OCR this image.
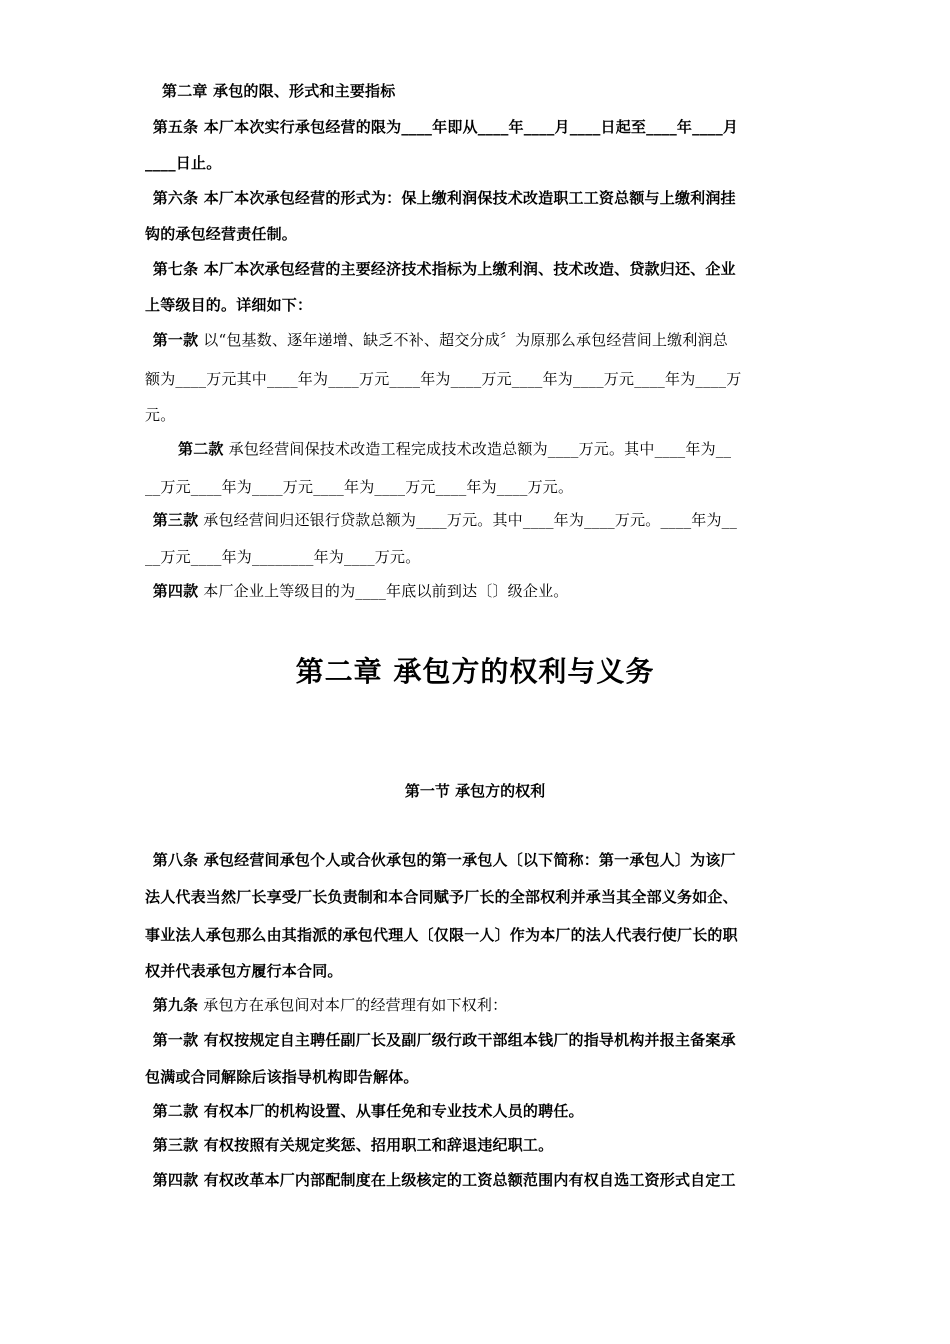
第二章 承包的限、形式和主要指标
 第五条 本厂本次实行承包经营的限为____年即从____年____月____日起至____年____月
____日止。
 第六条 本厂本次承包经营的形式为：保上缴利润保技术改造职工工资总额与上缴利润挂
钩的承包经营责任制。
 第七条 本厂本次承包经营的主要经济技术指标为上缴利润、技术改造、贷款归还、企业
上等级目的。详细如下：
 第一款 以“包基数、逐年递增、缺乏不补、超交分成〞为原那么承包经营间上缴利润总
额为____万元其中____年为____万元____年为____万元____年为____万元____年为____万
元。
第二款 承包经营间保技术改造工程完成技术改造总额为____万元。其中____年为__
__万元____年为____万元____年为____万元____年为____万元。
 第三款 承包经营间归还银行贷款总额为____万元。其中____年为____万元。____年为__
__万元____年为________年为____万元。
 第四款 本厂企业上等级目的为____年底以前到达〔〕级企业。
第二章 承包方的权利与义务
第一节 承包方的权利
 第八条 承包经营间承包个人或合伙承包的第一承包人〔以下简称：第一承包人〕为该厂
法人代表当然厂长享受厂长负责制和本合同赋予厂长的全部权利并承当其全部义务如企、
事业法人承包那么由其指派的承包代理人〔仅限一人〕作为本厂的法人代表行使厂长的职
权并代表承包方履行本合同。
 第九条 承包方在承包间对本厂的经营理有如下权利：
 第一款 有权按规定自主聘任副厂长及副厂级行政干部组本钱厂的指导机构并报主备案承
包满或合同解除后该指导机构即告解体。
 第二款 有权本厂的机构设置、从事任免和专业技术人员的聘任。
 第三款 有权按照有关规定奖惩、招用职工和辞退违纪职工。
 第四款 有权改革本厂内部配制度在上级核定的工资总额范围内有权自选工资形式自定工
